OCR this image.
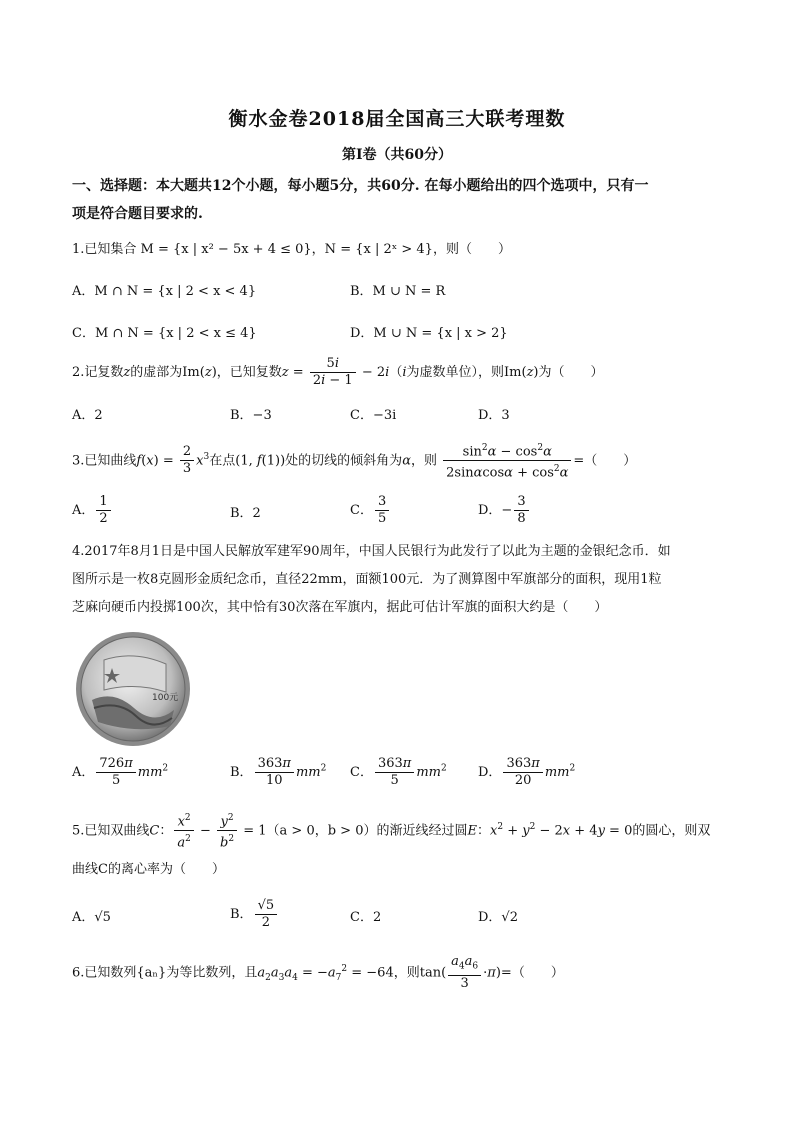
衡水金卷2018届全国高三大联考理数
第Ⅰ卷（共60分）
一、选择题：本大题共12个小题，每小题5分，共60分. 在每小题给出的四个选项中，只有一
项是符合题目要求的.
1.已知集合 M = {x | x² − 5x + 4 ≤ 0}，N = {x | 2ˣ > 4}，则（　　）
A．M ∩ N = {x | 2 < x < 4}	B．M ∪ N = R
C．M ∩ N = {x | 2 < x ≤ 4}	D．M ∪ N = {x | x > 2}
2.记复数z的虚部为Im(z)，已知复数$z = \frac{5i}{2i - 1} - 2i(i$为虚数单位），则Im(z)为（　　）
A．2	B．−3	C．−3i	D．3
3.已知曲线$f(x) = \frac{2}{3} x^3$在点(1, f(1))处的切线的倾斜角为α，则 $\frac{\sin^2\alpha - \cos^2\alpha}{2\sin\alpha\cos\alpha + \cos^2\alpha}$ =（　　）
A． $\frac{1}{2}$	B．2	C． $\frac{3}{5}$	D．− $\frac{3}{8}$
4.2017年8月1日是中国人民解放军建军90周年，中国人民银行为此发行了以此为主题的金银纪念币．如
图所示是一枚8克圆形金质纪念币，直径22mm，面额100元．为了测算图中军旗部分的面积，现用1粒
芝麻向硬币内投掷100次，其中恰有30次落在军旗内，据此可估计军旗的面积大约是（　　）
100元
A． $\frac{726\pi}{5} mm^2$	B． $\frac{363\pi}{10} mm^2$ C． $\frac{363\pi}{5} mm^2$ D． $\frac{363\pi}{20} mm^2$
5.已知双曲线C： $\frac{x^2}{a^2} - \frac{y^2}{b^2} = 1(a > 0$，b > 0）的渐近线经过圆E：$x^2 + y^2 - 2x + 4y = 0$的圆心，则双
曲线C的离心率为（　　）
A．√5	B． $\frac{√5}{2}$	C．2	D．√2
6.已知数列{aₙ}为等比数列，且$a_2a_3a_4 = -a_7^2 = -64$，则$\tan( \frac{a_4a_6}{3} \cdot\pi)=$（　　）
